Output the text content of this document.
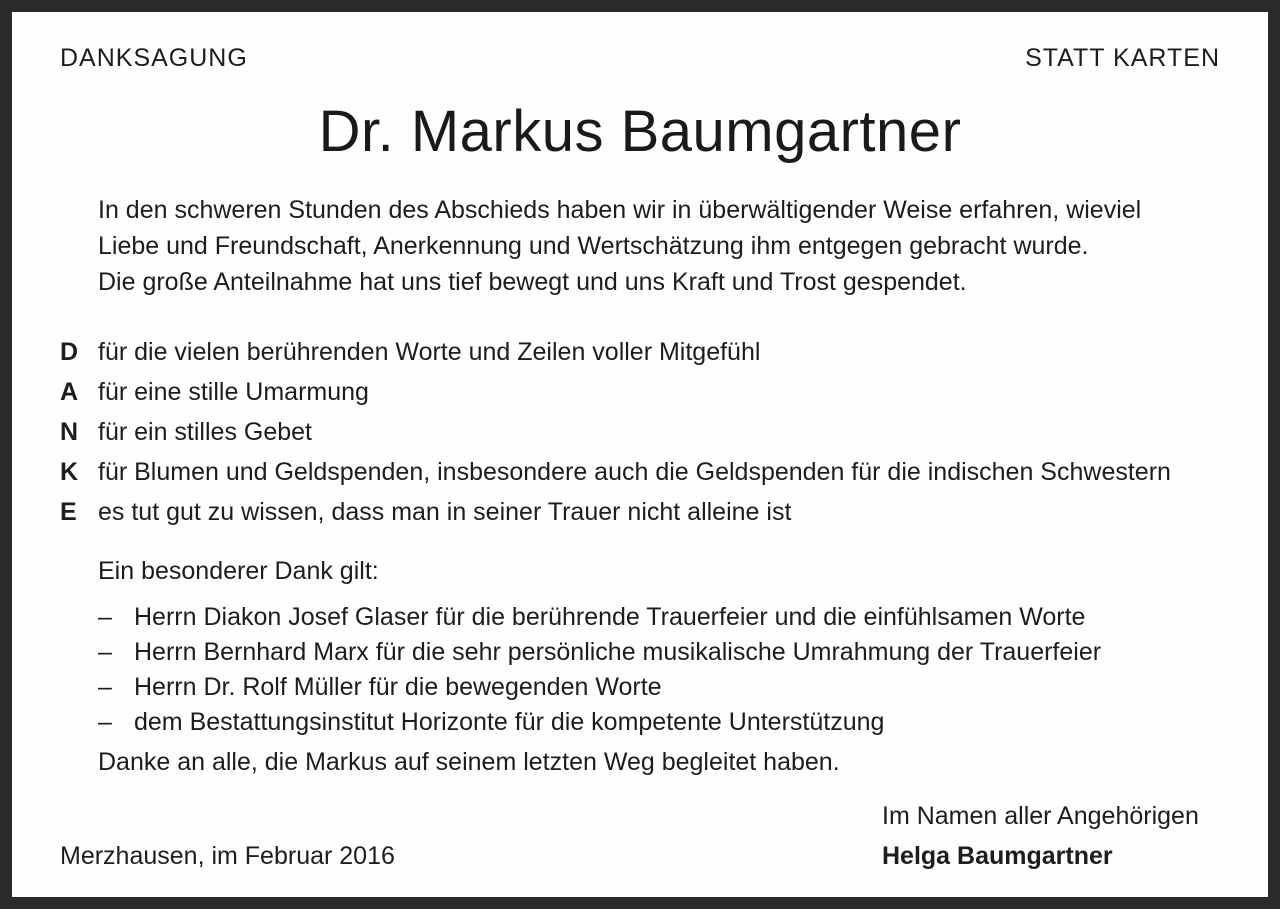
DANKSAGUNG	STATT KARTEN
Dr. Markus Baumgartner
In den schweren Stunden des Abschieds haben wir in überwältigender Weise erfahren, wieviel
Liebe und Freundschaft, Anerkennung und Wertschätzung ihm entgegen gebracht wurde.
Die große Anteilnahme hat uns tief bewegt und uns Kraft und Trost gespendet.
D für die vielen berührenden Worte und Zeilen voller Mitgefühl
A für eine stille Umarmung
N für ein stilles Gebet
K für Blumen und Geldspenden, insbesondere auch die Geldspenden für die indischen Schwestern
E es tut gut zu wissen, dass man in seiner Trauer nicht alleine ist
Ein besonderer Dank gilt:
– Herrn Diakon Josef Glaser für die berührende Trauerfeier und die einfühlsamen Worte
– Herrn Bernhard Marx für die sehr persönliche musikalische Umrahmung der Trauerfeier
– Herrn Dr. Rolf Müller für die bewegenden Worte
– dem Bestattungsinstitut Horizonte für die kompetente Unterstützung
Danke an alle, die Markus auf seinem letzten Weg begleitet haben.
Im Namen aller Angehörigen
Merzhausen, im Februar 2016	Helga Baumgartner
